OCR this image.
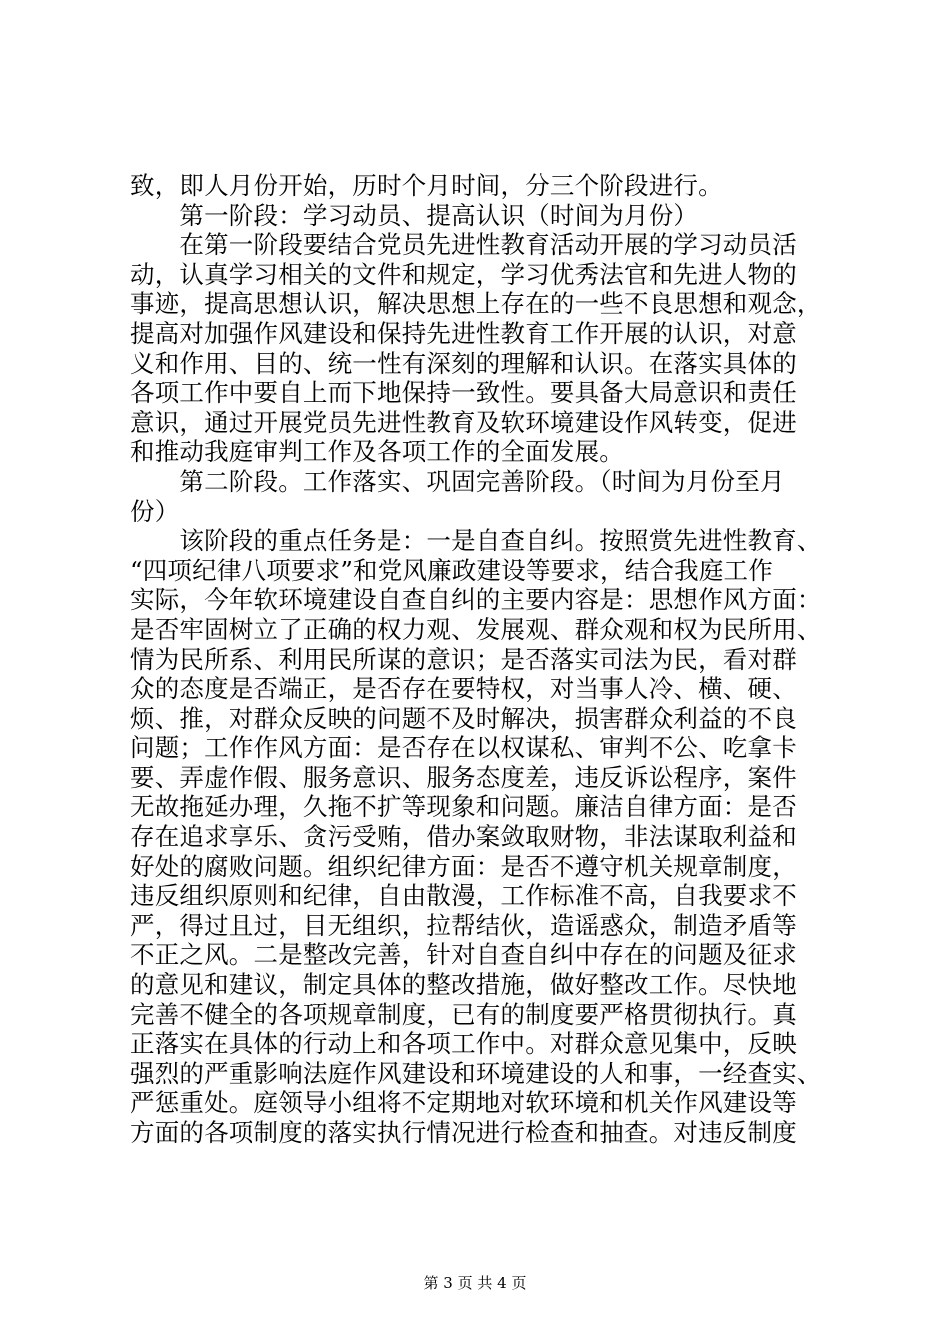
致，即人月份开始，历时个月时间，分三个阶段进行。
　　第一阶段：学习动员、提高认识（时间为月份）
　　在第一阶段要结合党员先进性教育活动开展的学习动员活
动，认真学习相关的文件和规定，学习优秀法官和先进人物的
事迹，提高思想认识，解决思想上存在的一些不良思想和观念，
提高对加强作风建设和保持先进性教育工作开展的认识，对意
义和作用、目的、统一性有深刻的理解和认识。在落实具体的
各项工作中要自上而下地保持一致性。要具备大局意识和责任
意识，通过开展党员先进性教育及软环境建设作风转变，促进
和推动我庭审判工作及各项工作的全面发展。
　　第二阶段。工作落实、巩固完善阶段。（时间为月份至月
份）
　　该阶段的重点任务是：一是自查自纠。按照赏先进性教育、
“四项纪律八项要求”和党风廉政建设等要求，结合我庭工作
实际，今年软环境建设自查自纠的主要内容是：思想作风方面：
是否牢固树立了正确的权力观、发展观、群众观和权为民所用、
情为民所系、利用民所谋的意识；是否落实司法为民，看对群
众的态度是否端正，是否存在要特权，对当事人冷、横、硬、
烦、推，对群众反映的问题不及时解决，损害群众利益的不良
问题；工作作风方面：是否存在以权谋私、审判不公、吃拿卡
要、弄虚作假、服务意识、服务态度差，违反诉讼程序，案件
无故拖延办理，久拖不扩等现象和问题。廉洁自律方面：是否
存在追求享乐、贪污受贿，借办案敛取财物，非法谋取利益和
好处的腐败问题。组织纪律方面：是否不遵守机关规章制度，
违反组织原则和纪律，自由散漫，工作标准不高，自我要求不
严，得过且过，目无组织，拉帮结伙，造谣惑众，制造矛盾等
不正之风。二是整改完善，针对自查自纠中存在的问题及征求
的意见和建议，制定具体的整改措施，做好整改工作。尽快地
完善不健全的各项规章制度，已有的制度要严格贯彻执行。真
正落实在具体的行动上和各项工作中。对群众意见集中，反映
强烈的严重影响法庭作风建设和环境建设的人和事，一经查实、
严惩重处。庭领导小组将不定期地对软环境和机关作风建设等
方面的各项制度的落实执行情况进行检查和抽查。对违反制度
第 3 页 共 4 页
